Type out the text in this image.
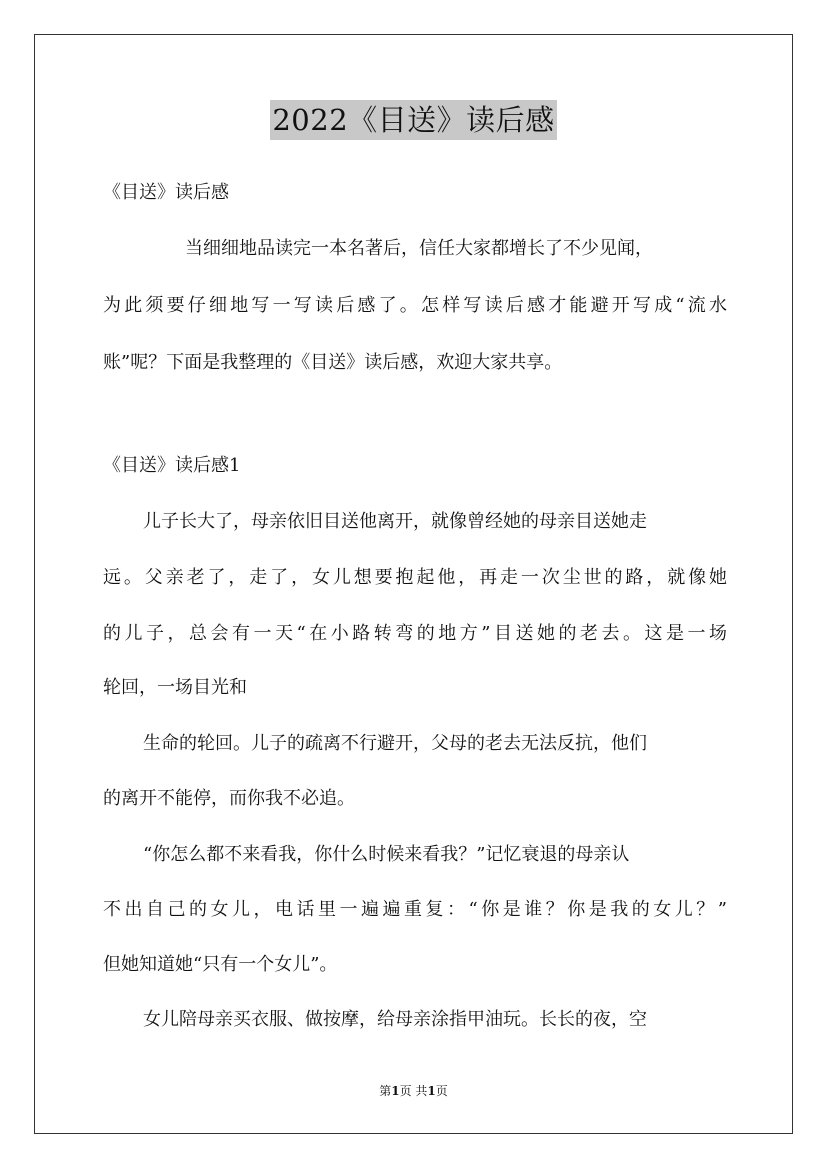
2022《目送》读后感
《目送》读后感
当细细地品读完一本名著后，信任大家都增长了不少见闻，
为此须要仔细地写一写读后感了。怎样写读后感才能避开写成“流水
账”呢？下面是我整理的《目送》读后感，欢迎大家共享。
《目送》读后感1
儿子长大了，母亲依旧目送他离开，就像曾经她的母亲目送她走
远。父亲老了，走了，女儿想要抱起他，再走一次尘世的路，就像她
的儿子，总会有一天“在小路转弯的地方”目送她的老去。这是一场
轮回，一场目光和
生命的轮回。儿子的疏离不行避开，父母的老去无法反抗，他们
的离开不能停，而你我不必追。
“你怎么都不来看我，你什么时候来看我？”记忆衰退的母亲认
不出自己的女儿，电话里一遍遍重复：“你是谁？你是我的女儿？”
但她知道她“只有一个女儿”。
女儿陪母亲买衣服、做按摩，给母亲涂指甲油玩。长长的夜，空
第1页 共1页
